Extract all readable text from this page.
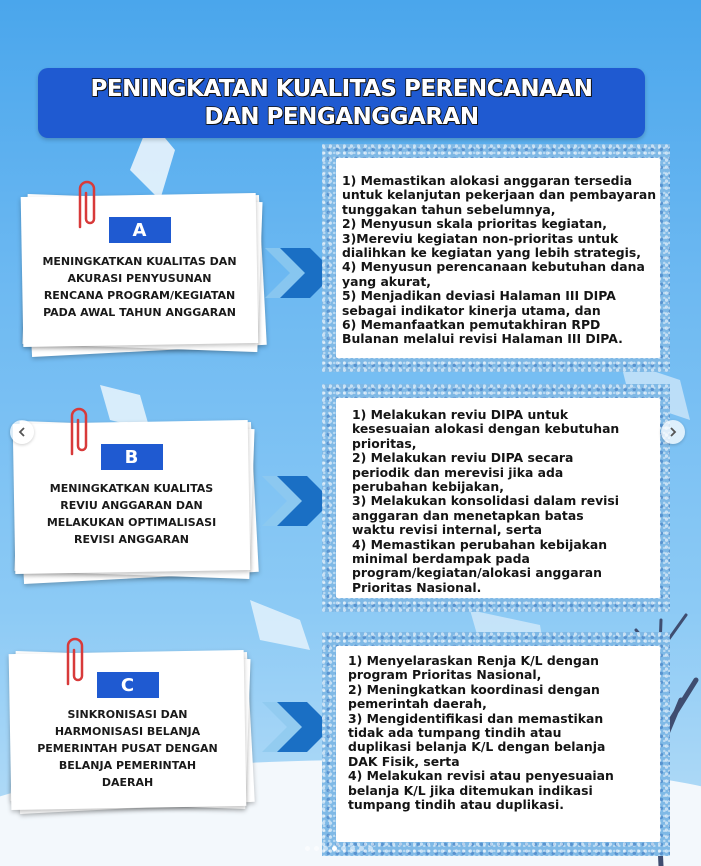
PENINGKATAN KUALITAS PERENCANAAN
DAN PENGANGGARAN
A
MENINGKATKAN KUALITAS DAN
AKURASI PENYUSUNAN
RENCANA PROGRAM/KEGIATAN
PADA AWAL TAHUN ANGGARAN
1) Memastikan alokasi anggaran tersedia
untuk kelanjutan pekerjaan dan pembayaran
tunggakan tahun sebelumnya,
2) Menyusun skala prioritas kegiatan,
3)Mereviu kegiatan non-prioritas untuk
dialihkan ke kegiatan yang lebih strategis,
4) Menyusun perencanaan kebutuhan dana
yang akurat,
5) Menjadikan deviasi Halaman III DIPA
sebagai indikator kinerja utama, dan
6) Memanfaatkan pemutakhiran RPD
Bulanan melalui revisi Halaman III DIPA.
B
MENINGKATKAN KUALITAS
REVIU ANGGARAN DAN
MELAKUKAN OPTIMALISASI
REVISI ANGGARAN
1) Melakukan reviu DIPA untuk
kesesuaian alokasi dengan kebutuhan
prioritas,
2) Melakukan reviu DIPA secara
periodik dan merevisi jika ada
perubahan kebijakan,
3) Melakukan konsolidasi dalam revisi
anggaran dan menetapkan batas
waktu revisi internal, serta
4) Memastikan perubahan kebijakan
minimal berdampak pada
program/kegiatan/alokasi anggaran
Prioritas Nasional.
C
SINKRONISASI DAN
HARMONISASI BELANJA
PEMERINTAH PUSAT DENGAN
BELANJA PEMERINTAH
DAERAH
1) Menyelaraskan Renja K/L dengan
program Prioritas Nasional,
2) Meningkatkan koordinasi dengan
pemerintah daerah,
3) Mengidentifikasi dan memastikan
tidak ada tumpang tindih atau
duplikasi belanja K/L dengan belanja
DAK Fisik, serta
4) Melakukan revisi atau penyesuaian
belanja K/L jika ditemukan indikasi
tumpang tindih atau duplikasi.
